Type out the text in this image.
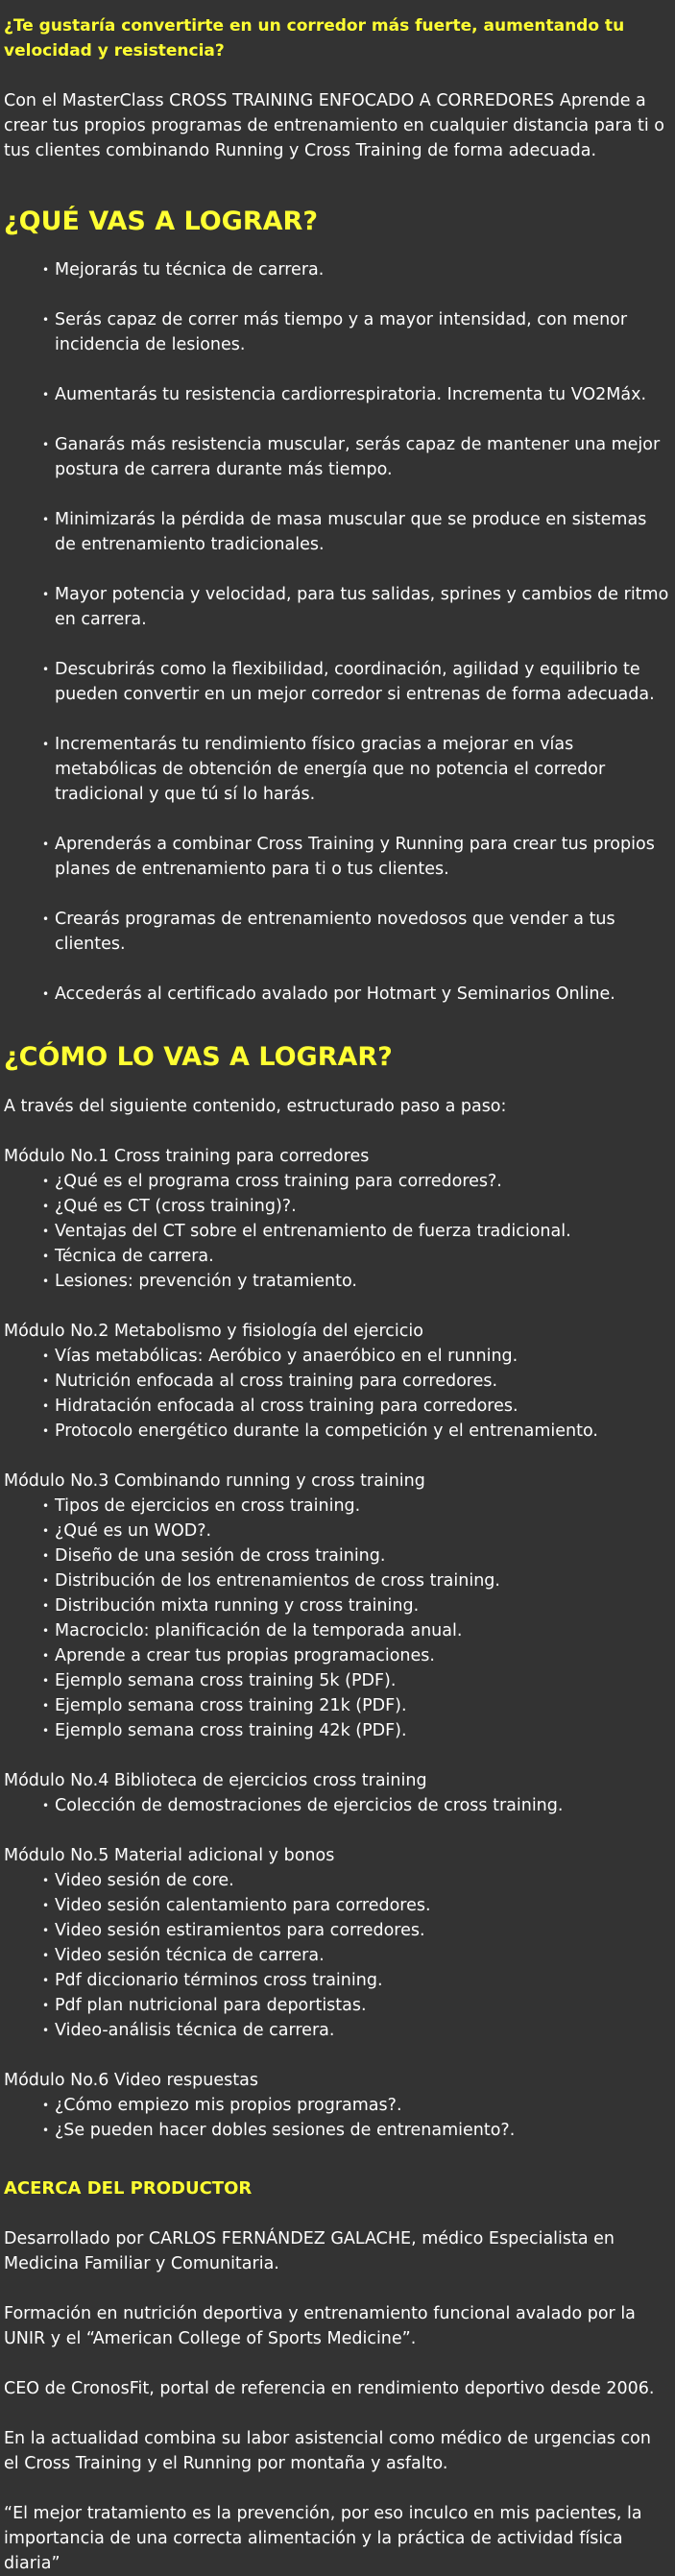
¿Te gustaría convertirte en un corredor más fuerte, aumentando tu velocidad y resistencia?

Con el MasterClass CROSS TRAINING ENFOCADO A CORREDORES Aprende a crear tus propios programas de entrenamiento en cualquier distancia para ti o tus clientes combinando Running y Cross Training de forma adecuada.

¿QUÉ VAS A LOGRAR?
• Mejorarás tu técnica de carrera.
• Serás capaz de correr más tiempo y a mayor intensidad, con menor incidencia de lesiones.
• Aumentarás tu resistencia cardiorrespiratoria. Incrementa tu VO2Máx.
• Ganarás más resistencia muscular, serás capaz de mantener una mejor postura de carrera durante más tiempo.
• Minimizarás la pérdida de masa muscular que se produce en sistemas de entrenamiento tradicionales.
• Mayor potencia y velocidad, para tus salidas, sprines y cambios de ritmo en carrera.
• Descubrirás como la flexibilidad, coordinación, agilidad y equilibrio te pueden convertir en un mejor corredor si entrenas de forma adecuada.
• Incrementarás tu rendimiento físico gracias a mejorar en vías metabólicas de obtención de energía que no potencia el corredor tradicional y que tú sí lo harás.
• Aprenderás a combinar Cross Training y Running para crear tus propios planes de entrenamiento para ti o tus clientes.
• Crearás programas de entrenamiento novedosos que vender a tus clientes.
• Accederás al certificado avalado por Hotmart y Seminarios Online.
¿CÓMO LO VAS A LOGRAR?

A través del siguiente contenido, estructurado paso a paso:

Módulo No.1 Cross training para corredores

• ¿Qué es el programa cross training para corredores?.
• ¿Qué es CT (cross training)?.
• Ventajas del CT sobre el entrenamiento de fuerza tradicional.
• Técnica de carrera.
• Lesiones: prevención y tratamiento.

Módulo No.2 Metabolismo y fisiología del ejercicio

• Vías metabólicas: Aeróbico y anaeróbico en el running.
• Nutrición enfocada al cross training para corredores.
• Hidratación enfocada al cross training para corredores.
• Protocolo energético durante la competición y el entrenamiento.

Módulo No.3 Combinando running y cross training

• Tipos de ejercicios en cross training.
• ¿Qué es un WOD?.
• Diseño de una sesión de cross training.
• Distribución de los entrenamientos de cross training.
• Distribución mixta running y cross training.
• Macrociclo: planificación de la temporada anual.
• Aprende a crear tus propias programaciones.
• Ejemplo semana cross training 5k (PDF).
• Ejemplo semana cross training 21k (PDF).
• Ejemplo semana cross training 42k (PDF).

Módulo No.4 Biblioteca de ejercicios cross training

• Colección de demostraciones de ejercicios de cross training.

Módulo No.5 Material adicional y bonos

• Video sesión de core.
• Video sesión calentamiento para corredores.
• Video sesión estiramientos para corredores.
• Video sesión técnica de carrera.
• Pdf diccionario términos cross training.
• Pdf plan nutricional para deportistas.
• Video-análisis técnica de carrera.

Módulo No.6 Video respuestas

• ¿Cómo empiezo mis propios programas?.
• ¿Se pueden hacer dobles sesiones de entrenamiento?.
ACERCA DEL PRODUCTOR

Desarrollado por CARLOS FERNÁNDEZ GALACHE, médico Especialista en Medicina Familiar y Comunitaria.

Formación en nutrición deportiva y entrenamiento funcional avalado por la UNIR y el “American College of Sports Medicine”.

CEO de CronosFit, portal de referencia en rendimiento deportivo desde 2006.

En la actualidad combina su labor asistencial como médico de urgencias con el Cross Training y el Running por montaña y asfalto.

“El mejor tratamiento es la prevención, por eso inculco en mis pacientes, la importancia de una correcta alimentación y la práctica de actividad física diaria”
